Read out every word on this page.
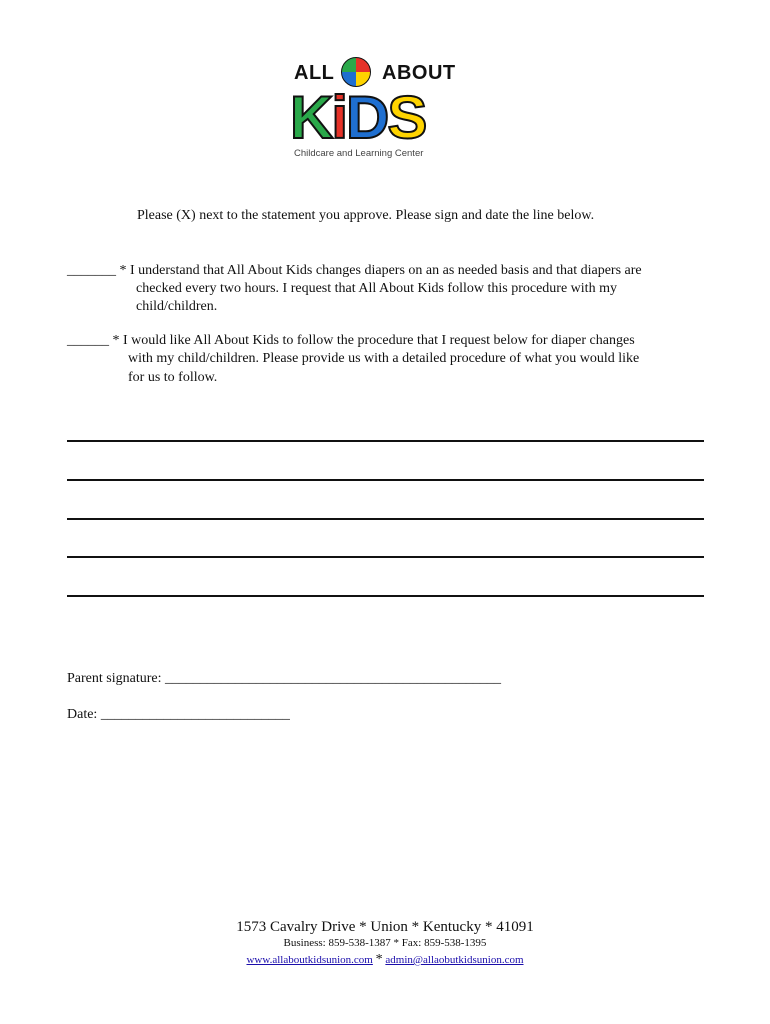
ALL ABOUT
KiDS
Childcare and Learning Center
Please (X) next to the statement you approve. Please sign and date the line below.
_______ * I understand that All About Kids changes diapers on an as needed basis and that diapers are
checked every two hours. I request that All About Kids follow this procedure with my
child/children.
______ * I would like All About Kids to follow the procedure that I request below for diaper changes
with my child/children. Please provide us with a detailed procedure of what you would like
for us to follow.
Parent signature: ________________________________________________
Date: ___________________________
1573 Cavalry Drive * Union * Kentucky * 41091
Business: 859-538-1387 * Fax: 859-538-1395
www.allaboutkidsunion.com * admin@allaobutkidsunion.com
